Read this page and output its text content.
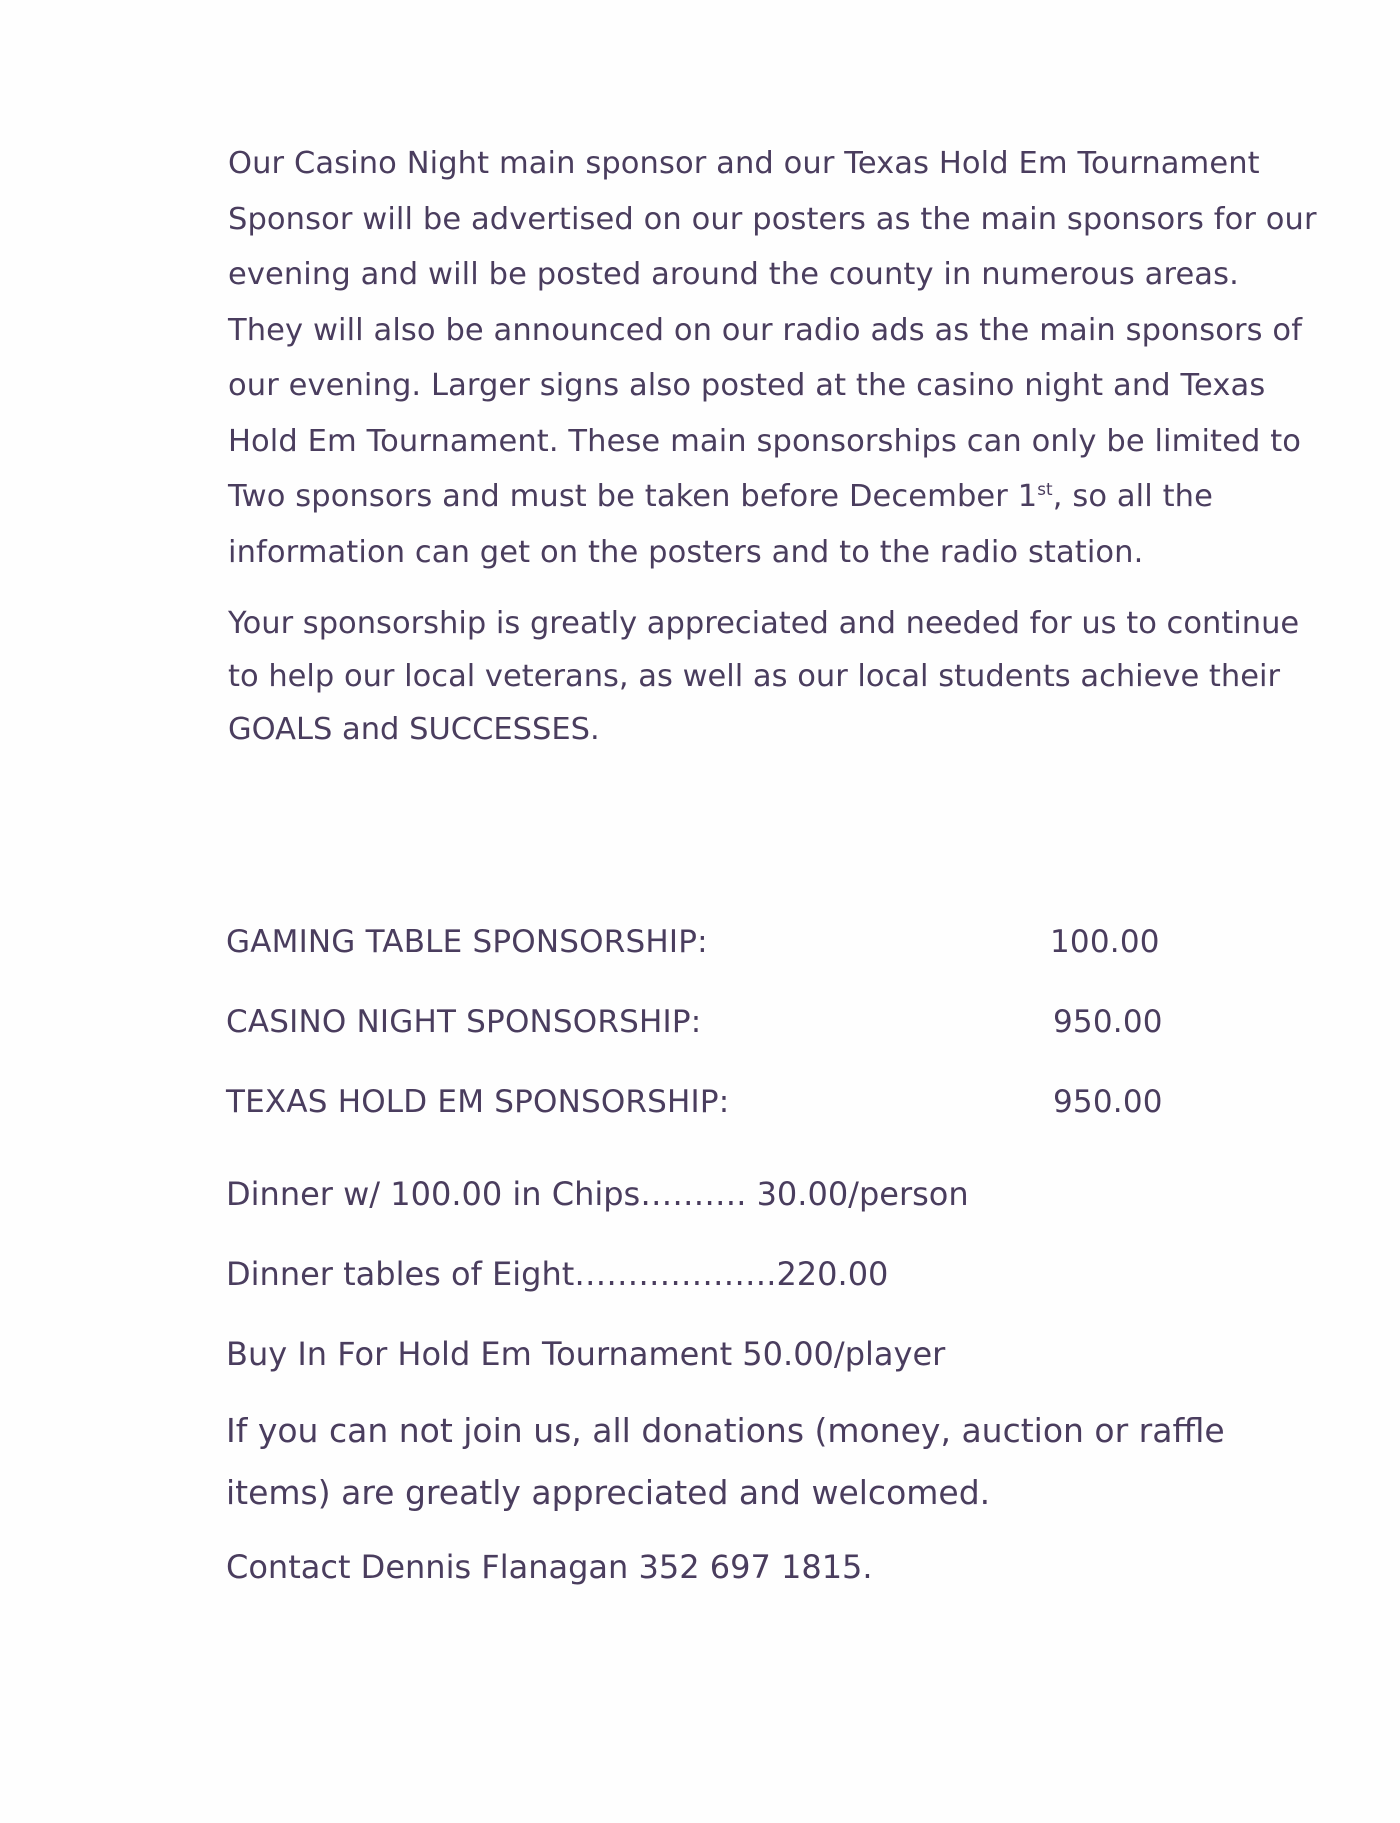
Our Casino Night main sponsor and our Texas Hold Em Tournament Sponsor will be advertised on our posters as the main sponsors for our evening and will be posted around the county in numerous areas. They will also be announced on our radio ads as the main sponsors of our evening. Larger signs also posted at the casino night and Texas Hold Em Tournament. These main sponsorships can only be limited to Two sponsors and must be taken before December 1st, so all the information can get on the posters and to the radio station.

Your sponsorship is greatly appreciated and needed for us to continue to help our local veterans, as well as our local students achieve their GOALS and SUCCESSES.

GAMING TABLE SPONSORSHIP:	100.00
CASINO NIGHT SPONSORSHIP:	950.00
TEXAS HOLD EM SPONSORSHIP:	950.00

Dinner w/ 100.00 in Chips………. 30.00/person

Dinner tables of Eight……………….220.00

Buy In For Hold Em Tournament 50.00/player

If you can not join us, all donations (money, auction or raffle items) are greatly appreciated and welcomed.

Contact Dennis Flanagan 352 697 1815.
